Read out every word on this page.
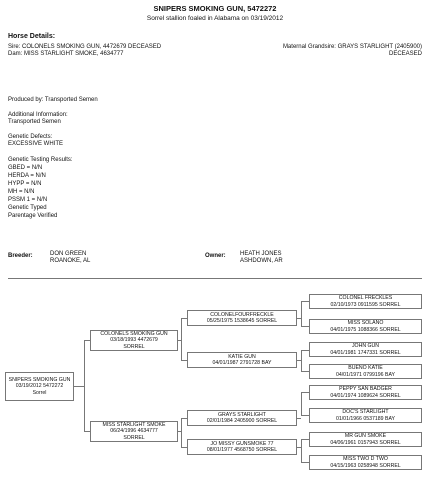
SNIPERS SMOKING GUN, 5472272
Sorrel stallion foaled in Alabama on 03/19/2012
Horse Details:
Sire: COLONELS SMOKING GUN, 4472679 DECEASED
Dam: MISS STARLIGHT SMOKE, 4634777
Maternal Grandsire: GRAYS STARLIGHT (2405900)
DECEASED
Produced by: Transported Semen
Additional Information:
Transported Semen
Genetic Defects:
EXCESSIVE WHITE
Genetic Testing Results:
GBED = N/N
HERDA = N/N
HYPP = N/N
MH = N/N
PSSM 1 = N/N
Genetic Typed
Parentage Verified
Breeder:	DON GREEN
ROANOKE, AL
Owner: HEATH JONES
ASHDOWN, AR
SNIPERS SMOKING GUN
03/19/2012 5472272
Sorrel
COLONELS SMOKING GUN
03/18/1993 4472679
SORREL
MISS STARLIGHT SMOKE
06/24/1996 4634777
SORREL
COLONELFOURFRECKLE
05/25/1975 1538645 SORREL
KATIE GUN
04/01/1987 2791728 BAY
GRAYS STARLIGHT
02/01/1984 2405900 SORREL
JO MISSY GUNSMOKE 77
08/01/1977 4568750 SORREL
COLONEL FRECKLES
02/10/1973 0911595 SORREL
MISS SOLANO
04/01/1975 1088366 SORREL
JOHN GUN
04/01/1981 1747331 SORREL
BUENO KATIE
04/01/1971 0799196 BAY
PEPPY SAN BADGER
04/01/1974 1089624 SORREL
DOC'S STARLIGHT
01/01/1966 0537189 BAY
MR GUN SMOKE
04/06/1961 0157943 SORREL
MISS TWO D TWO
04/15/1963 0258948 SORREL
